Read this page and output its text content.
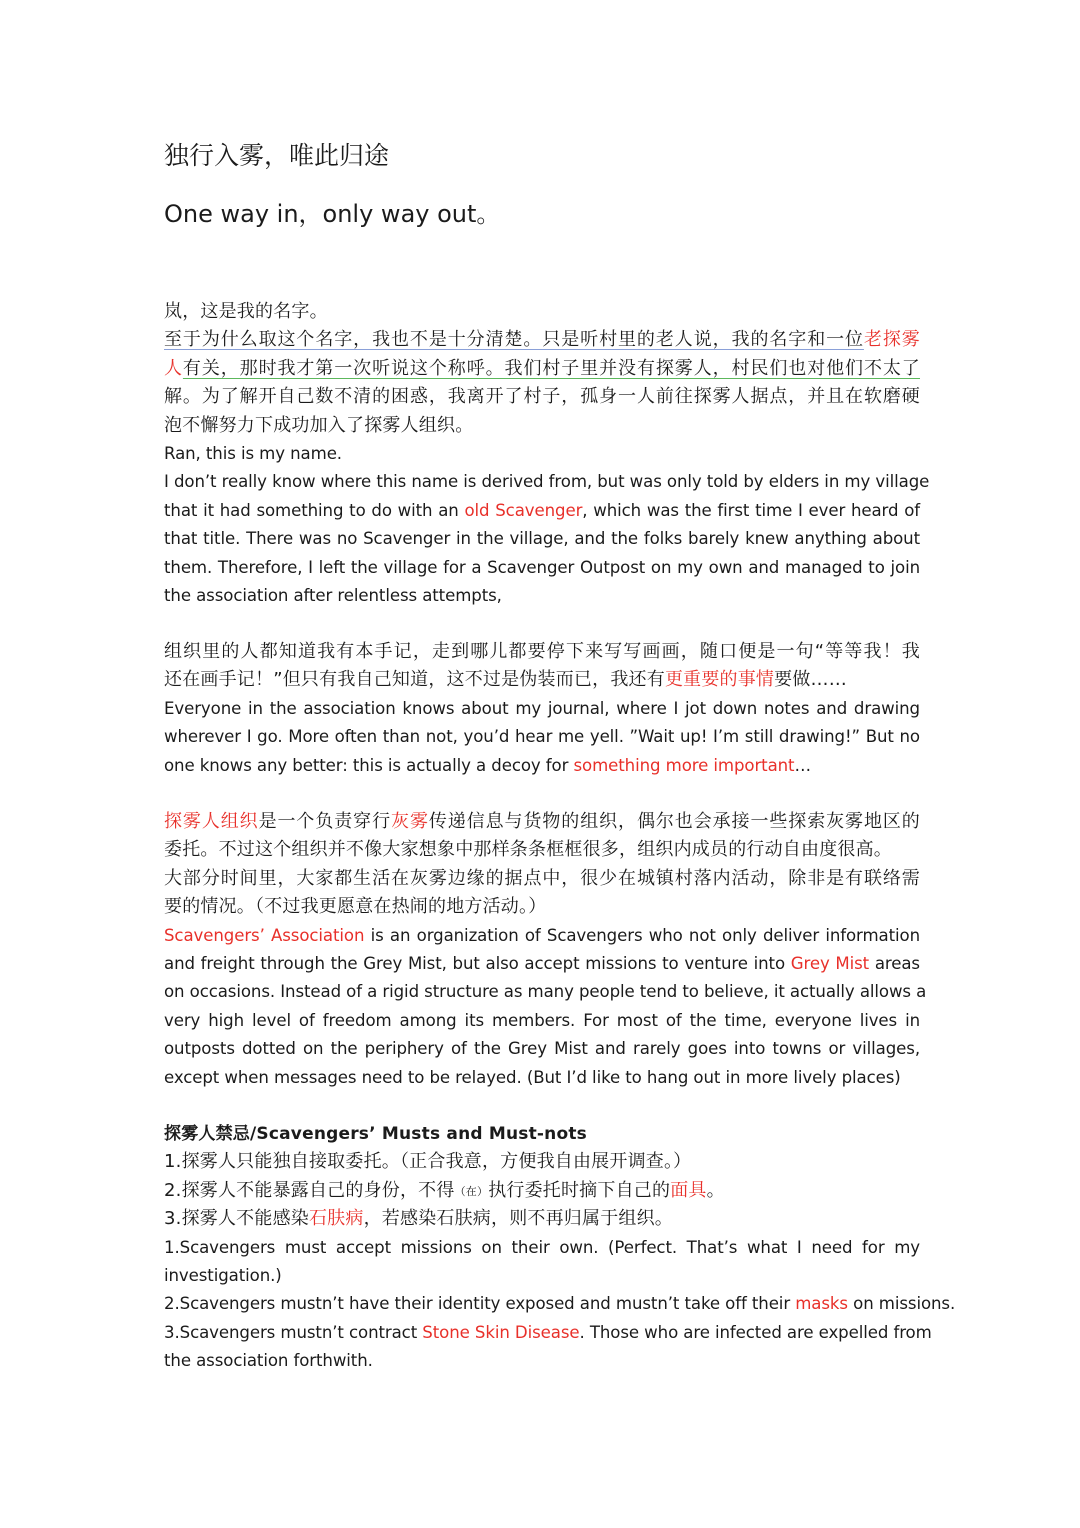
独行入雾，唯此归途
One way in，only way out。
岚，这是我的名字。
至于为什么取这个名字，我也不是十分清楚。只是听村里的老人说，我的名字和一位老探雾
人有关，那时我才第一次听说这个称呼。我们村子里并没有探雾人，村民们也对他们不太了
解。为了解开自己数不清的困惑，我离开了村子，孤身一人前往探雾人据点，并且在软磨硬
泡不懈努力下成功加入了探雾人组织。
Ran, this is my name.
I don’t really know where this name is derived from, but was only told by elders in my village
that it had something to do with an old Scavenger, which was the first time I ever heard of
that title. There was no Scavenger in the village, and the folks barely knew anything about
them. Therefore, I left the village for a Scavenger Outpost on my own and managed to join
the association after relentless attempts,
组织里的人都知道我有本手记，走到哪儿都要停下来写写画画，随口便是一句“等等我！我
还在画手记！”但只有我自己知道，这不过是伪装而已，我还有更重要的事情要做……
Everyone in the association knows about my journal, where I jot down notes and drawing
wherever I go. More often than not, you’d hear me yell. ”Wait up! I’m still drawing!” But no
one knows any better: this is actually a decoy for something more important…
探雾人组织是一个负责穿行灰雾传递信息与货物的组织，偶尔也会承接一些探索灰雾地区的
委托。不过这个组织并不像大家想象中那样条条框框很多，组织内成员的行动自由度很高。
大部分时间里，大家都生活在灰雾边缘的据点中，很少在城镇村落内活动，除非是有联络需
要的情况。（不过我更愿意在热闹的地方活动。）
Scavengers’ Association is an organization of Scavengers who not only deliver information
and freight through the Grey Mist, but also accept missions to venture into Grey Mist areas
on occasions. Instead of a rigid structure as many people tend to believe, it actually allows a
very high level of freedom among its members. For most of the time, everyone lives in
outposts dotted on the periphery of the Grey Mist and rarely goes into towns or villages,
except when messages need to be relayed. (But I’d like to hang out in more lively places)
探雾人禁忌/Scavengers’ Musts and Must-nots
1.探雾人只能独自接取委托。（正合我意，方便我自由展开调查。）
2.探雾人不能暴露自己的身份，不得（在）执行委托时摘下自己的面具。
3.探雾人不能感染石肤病，若感染石肤病，则不再归属于组织。
1.Scavengers must accept missions on their own. (Perfect. That’s what I need for my
investigation.)
2.Scavengers mustn’t have their identity exposed and mustn’t take off their masks on missions.
3.Scavengers mustn’t contract Stone Skin Disease. Those who are infected are expelled from
the association forthwith.
